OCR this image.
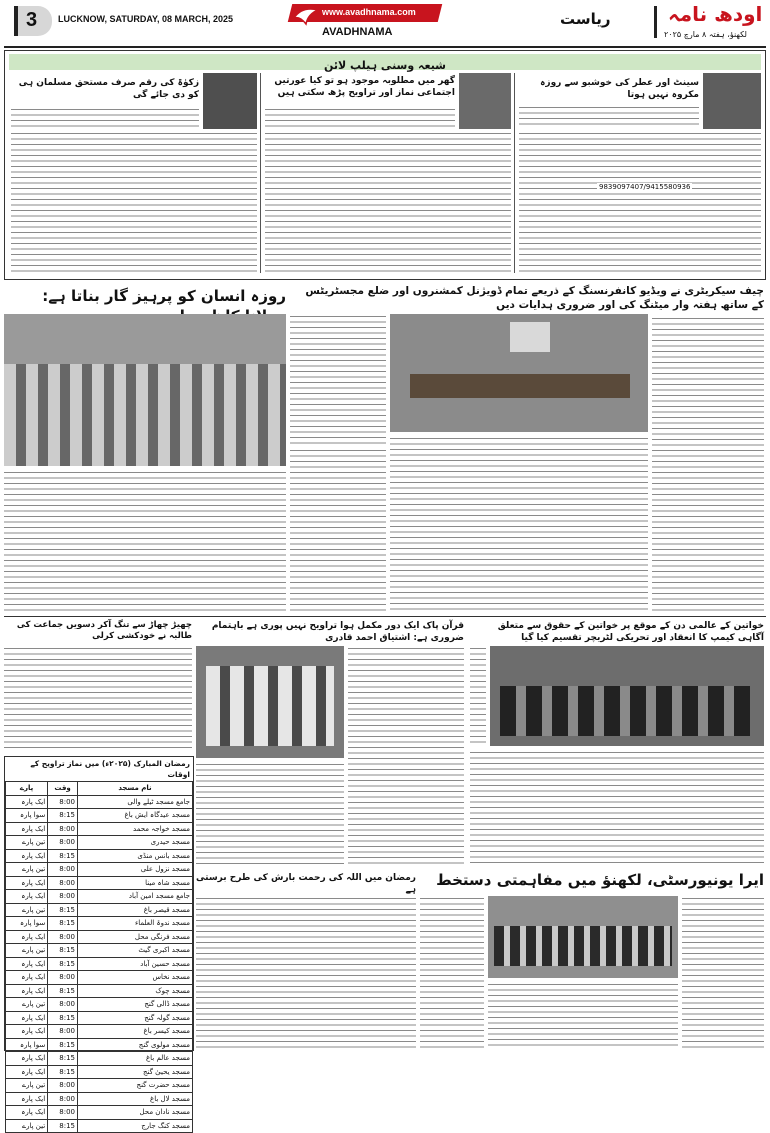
3 LUCKNOW, SATURDAY, 08 MARCH, 2025
www.avadhnama.com
AVADHNAMA
ریاست	اودھ نامہ
لکھنؤ، ہفتہ ۸ مارچ ۲۰۲۵
شیعہ وسنی ہیلپ لائن
سینٹ اور عطر کی خوشبو سے روزہ مکروہ نہیں ہوتا
9839097407/9415580936
گھر میں مطلوبہ موجود ہو تو کیا عورتیں اجتماعی نماز اور تراویح پڑھ سکتی ہیں
زکوٰۃ کی رقم صرف مستحق مسلمان ہی کو دی جائے گی
چیف سیکریٹری نے ویڈیو کانفرنسنگ کے ذریعے تمام ڈویژنل کمشنروں اور ضلع مجسٹریٹس کے ساتھ ہفتہ وار میٹنگ کی اور ضروری ہدایات دیں
روزہ انسان کو پرہیز گار بناتا ہے:
خواتین کے عالمی دن کے موقع پر خواتین کے حقوق سے متعلق آگاہی کیمپ کا انعقاد اور تحریکی لٹریچر تقسیم کیا گیا
قرآن پاک ایک دور مکمل ہوا تراویح نہیں پوری ہے باہتمام ضروری ہے: اشتیاق احمد قادری
چھیڑ چھاڑ سے تنگ آکر دسویں جماعت کی طالبہ نے خودکشی کرلی
رمضان المبارک (۲۰۲۵ء) میں نماز تراویح کے اوقات
نام مسجد	وقت	پارے
جامع مسجد ٹیلے والی	8:00	ایک پارہ
مسجد عیدگاہ ایش باغ	8:15	سوا پارہ
مسجد خواجہ محمد	8:00	ایک پارہ
مسجد حیدری	8:00	تین پارے
مسجد بانس منڈی	8:15	ایک پارہ
مسجد نزول علی	8:00	تین پارے
مسجد شاہ مینا	8:00	ایک پارہ
جامع مسجد امین آباد	8:00	ایک پارہ
مسجد قیصر باغ	8:15	تین پارے
مسجد ندوۃ العلماء	8:15	سوا پارہ
مسجد فرنگی محل	8:00	ایک پارہ
مسجد اکبری گیٹ	8:15	تین پارے
مسجد حسین آباد	8:15	ایک پارہ
مسجد نخاس	8:00	ایک پارہ
مسجد چوک	8:15	ایک پارہ
مسجد ڈالی گنج	8:00	تین پارے
مسجد گولہ گنج	8:15	ایک پارہ
مسجد کیسر باغ	8:00	ایک پارہ
مسجد مولوی گنج	8:15	سوا پارہ
مسجد عالم باغ	8:15	ایک پارہ
مسجد یحییٰ گنج	8:15	ایک پارہ
مسجد حضرت گنج	8:00	تین پارے
مسجد لال باغ	8:00	ایک پارہ
مسجد نادان محل	8:00	ایک پارہ
مسجد کنگ جارج	8:15	تین پارے
رمضان میں اللہ کی رحمت بارش کی طرح برستی ہے
ایرا یونیورسٹی، لکھنؤ میں مفاہمتی دستخط
